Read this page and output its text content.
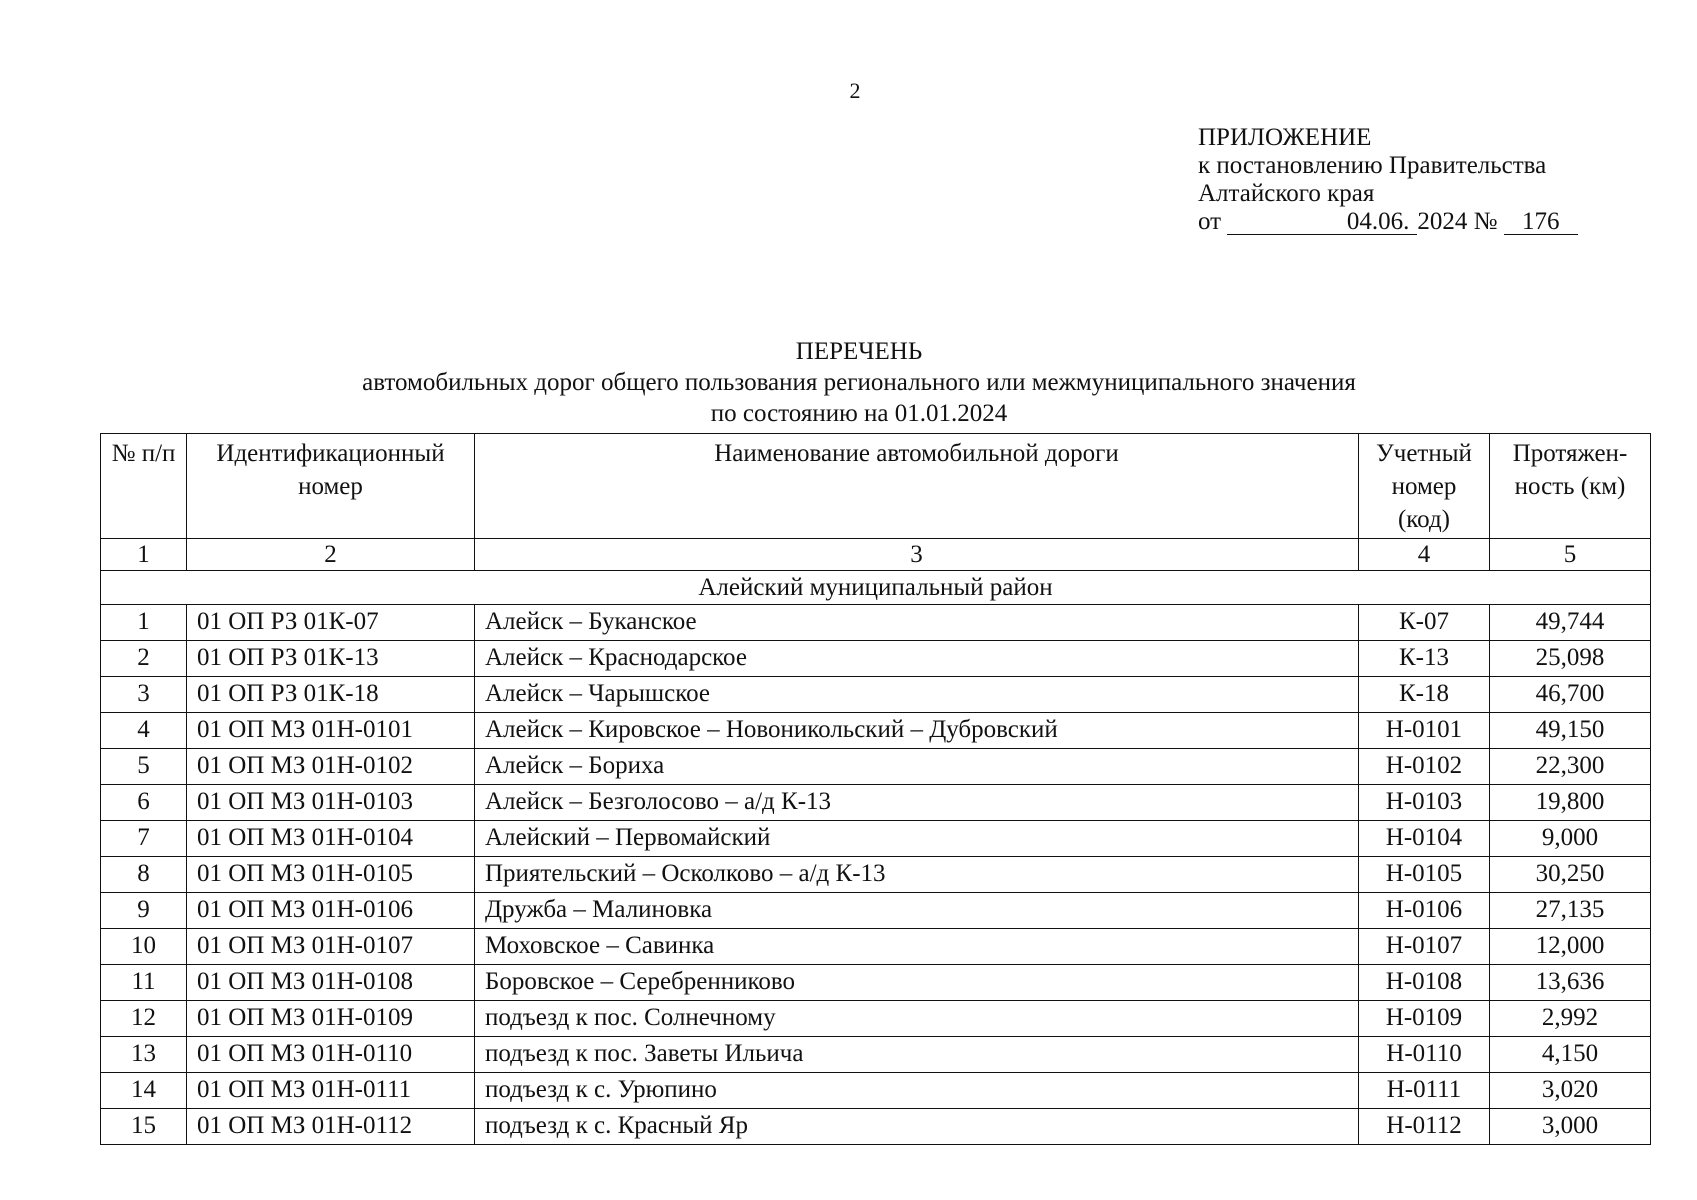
2
ПРИЛОЖЕНИЕ
к постановлению Правительства
Алтайского края
от	04.06. 2024 № 176
ПЕРЕЧЕНЬ
автомобильных дорог общего пользования регионального или межмуниципального значения
по состоянию на 01.01.2024
№ п/п	Идентификационный номер	Наименование автомобильной дороги	Учетный номер (код)	Протяжен-ность (км)
1	2	3	4	5
Алейский муниципальный район				
1	01 ОП РЗ 01К-07	Алейск – Буканское	К-07	49,744
2	01 ОП РЗ 01К-13	Алейск – Краснодарское	К-13	25,098
3	01 ОП РЗ 01К-18	Алейск – Чарышское	К-18	46,700
4	01 ОП МЗ 01Н-0101	Алейск – Кировское – Новоникольский – Дубровский	Н-0101	49,150
5	01 ОП МЗ 01Н-0102	Алейск – Бориха	Н-0102	22,300
6	01 ОП МЗ 01Н-0103	Алейск – Безголосово – а/д К-13	Н-0103	19,800
7	01 ОП МЗ 01Н-0104	Алейский – Первомайский	Н-0104	9,000
8	01 ОП МЗ 01Н-0105	Приятельский – Осколково – а/д К-13	Н-0105	30,250
9	01 ОП МЗ 01Н-0106	Дружба – Малиновка	Н-0106	27,135
10	01 ОП МЗ 01Н-0107	Моховское – Савинка	Н-0107	12,000
11	01 ОП МЗ 01Н-0108	Боровское – Серебренниково	Н-0108	13,636
12	01 ОП МЗ 01Н-0109	подъезд к пос. Солнечному	Н-0109	2,992
13	01 ОП МЗ 01Н-0110	подъезд к пос. Заветы Ильича	Н-0110	4,150
14	01 ОП МЗ 01Н-0111	подъезд к с. Урюпино	Н-0111	3,020
15	01 ОП МЗ 01Н-0112	подъезд к с. Красный Яр	Н-0112	3,000
